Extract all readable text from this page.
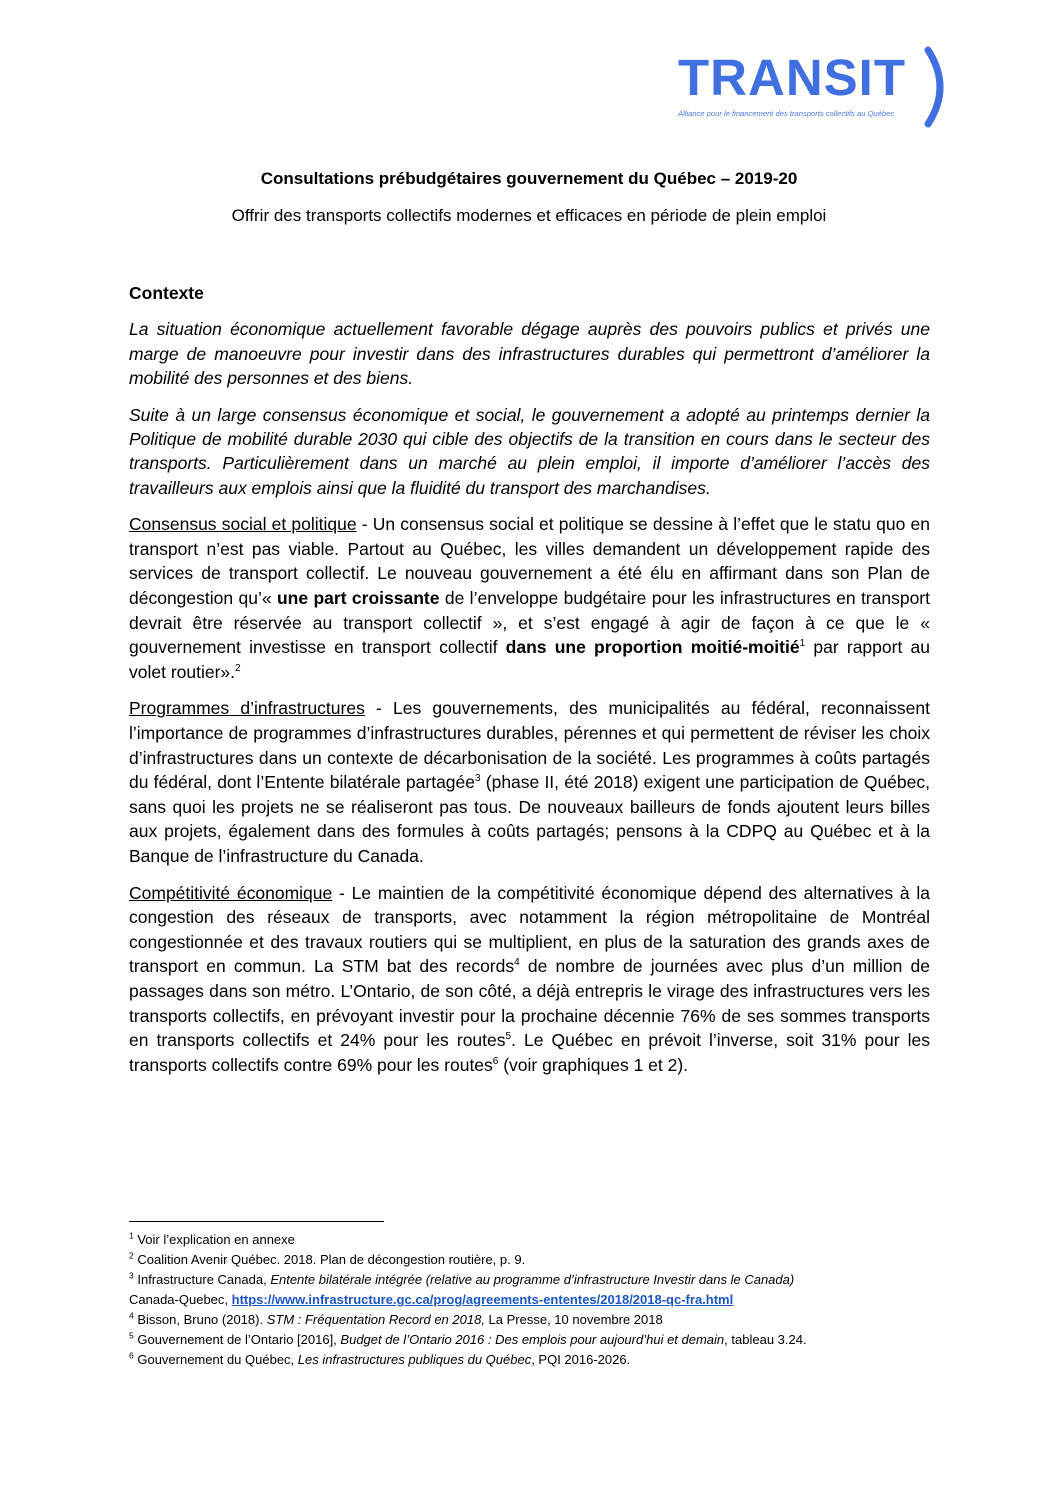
TRANSIT
Alliance pour le financement des transports collectifs au Québec
Consultations prébudgétaires gouvernement du Québec – 2019-20
Offrir des transports collectifs modernes et efficaces en période de plein emploi

Contexte

La situation économique actuellement favorable dégage auprès des pouvoirs publics et privés une marge de manoeuvre pour investir dans des infrastructures durables qui permettront d’améliorer la mobilité des personnes et des biens.

Suite à un large consensus économique et social, le gouvernement a adopté au printemps dernier la Politique de mobilité durable 2030 qui cible des objectifs de la transition en cours dans le secteur des transports. Particulièrement dans un marché au plein emploi, il importe d’améliorer l’accès des travailleurs aux emplois ainsi que la fluidité du transport des marchandises.

Consensus social et politique - Un consensus social et politique se dessine à l’effet que le statu quo en transport n’est pas viable. Partout au Québec, les villes demandent un développement rapide des services de transport collectif. Le nouveau gouvernement a été élu en affirmant dans son Plan de décongestion qu’« une part croissante de l’enveloppe budgétaire pour les infrastructures en transport devrait être réservée au transport collectif », et s’est engagé à agir de façon à ce que le « gouvernement investisse en transport collectif dans une proportion moitié-moitié$^1$ par rapport au volet routier».$^2$

Programmes d’infrastructures - Les gouvernements, des municipalités au fédéral, reconnaissent l’importance de programmes d’infrastructures durables, pérennes et qui permettent de réviser les choix d’infrastructures dans un contexte de décarbonisation de la société. Les programmes à coûts partagés du fédéral, dont l’Entente bilatérale partagée$^3$ (phase II, été 2018) exigent une participation de Québec, sans quoi les projets ne se réaliseront pas tous. De nouveaux bailleurs de fonds ajoutent leurs billes aux projets, également dans des formules à coûts partagés; pensons à la CDPQ au Québec et à la Banque de l’infrastructure du Canada.

Compétitivité économique - Le maintien de la compétitivité économique dépend des alternatives à la congestion des réseaux de transports, avec notamment la région métropolitaine de Montréal congestionnée et des travaux routiers qui se multiplient, en plus de la saturation des grands axes de transport en commun. La STM bat des records$^4$ de nombre de journées avec plus d’un million de passages dans son métro. L’Ontario, de son côté, a déjà entrepris le virage des infrastructures vers les transports collectifs, en prévoyant investir pour la prochaine décennie 76% de ses sommes transports en transports collectifs et 24% pour les routes$^5$. Le Québec en prévoit l’inverse, soit 31% pour les transports collectifs contre 69% pour les routes$^6$ (voir graphiques 1 et 2).

$^1$ Voir l’explication en annexe

$^2$ Coalition Avenir Québec. 2018. Plan de décongestion routière, p. 9.

$^3$ Infrastructure Canada, Entente bilatérale intégrée (relative au programme d’infrastructure Investir dans le Canada)

Canada-Quebec, https://www.infrastructure.gc.ca/prog/agreements-ententes/2018/2018-qc-fra.html

$^4$ Bisson, Bruno (2018). STM : Fréquentation Record en 2018, La Presse, 10 novembre 2018

$^5$ Gouvernement de l’Ontario [2016], Budget de l’Ontario 2016 : Des emplois pour aujourd’hui et demain, tableau 3.24.

$^6$ Gouvernement du Québec, Les infrastructures publiques du Québec, PQI 2016-2026.
